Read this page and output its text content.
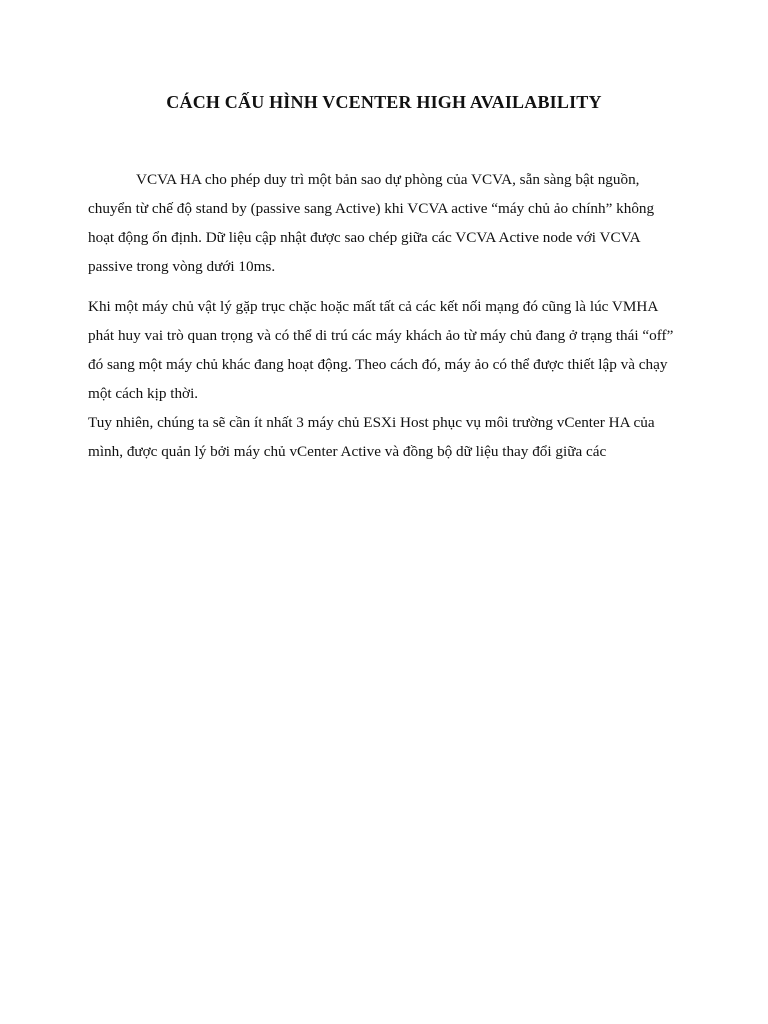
CÁCH CẤU HÌNH VCENTER HIGH AVAILABILITY

VCVA HA cho phép duy trì một bản sao dự phòng của VCVA, sẵn sàng bật nguồn, chuyển từ chế độ stand by (passive sang Active) khi VCVA active “máy chủ ảo chính” không hoạt động ổn định. Dữ liệu cập nhật được sao chép giữa các VCVA Active node với VCVA passive trong vòng dưới 10ms.

Khi một máy chủ vật lý gặp trục chặc hoặc mất tất cả các kết nối mạng đó cũng là lúc VMHA phát huy vai trò quan trọng và có thể di trú các máy khách ảo từ máy chủ đang ở trạng thái “off” đó sang một máy chủ khác đang hoạt động. Theo cách đó, máy ảo có thể được thiết lập và chạy một cách kịp thời.

Tuy nhiên, chúng ta sẽ cần ít nhất 3 máy chủ ESXi Host phục vụ môi trường vCenter HA của mình, được quản lý bởi máy chủ vCenter Active và đồng bộ dữ liệu thay đổi giữa các
